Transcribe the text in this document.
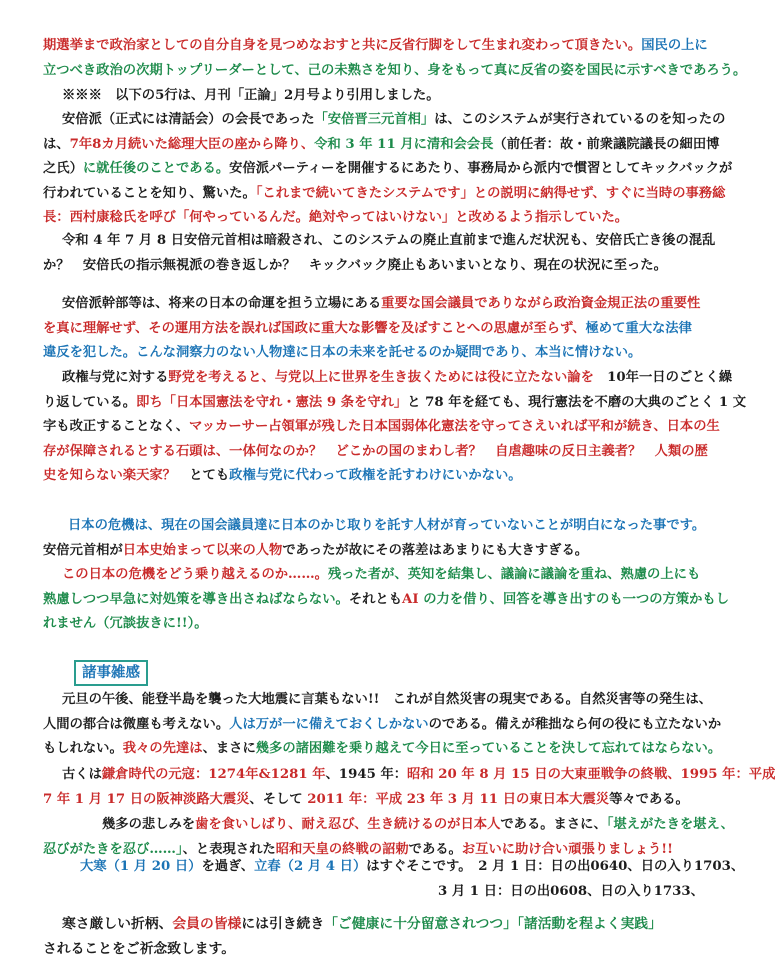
期選挙まで政治家としての自分自身を見つめなおすと共に反省行脚をして生まれ変わって頂きたい。国民の上に
立つべき政治の次期トップリーダーとして、己の未熟さを知り、身をもって真に反省の姿を国民に示すべきであろう。

※※※　以下の5行は、月刊「正論」2月号より引用しました。

安倍派（正式には清話会）の会長であった「安倍晋三元首相」は、このシステムが実行されているのを知ったの
は、7年8カ月続いた総理大臣の座から降り、令和 3 年 11 月に清和会会長（前任者：故・前衆議院議長の細田博
之氏）に就任後のことである。安倍派パーティーを開催するにあたり、事務局から派内で慣習としてキックバックが
行われていることを知り、驚いた。「これまで続いてきたシステムです」との説明に納得せず、すぐに当時の事務総
長：西村康稔氏を呼び「何やっているんだ。絶対やってはいけない」と改めるよう指示していた。

令和 4 年 7 月 8 日安倍元首相は暗殺され、このシステムの廃止直前まで進んだ状況も、安倍氏亡き後の混乱
か？　安倍氏の指示無視派の巻き返しか？　キックバック廃止もあいまいとなり、現在の状況に至った。

安倍派幹部等は、将来の日本の命運を担う立場にある重要な国会議員でありながら政治資金規正法の重要性
を真に理解せず、その運用方法を誤れば国政に重大な影響を及ぼすことへの思慮が至らず、極めて重大な法律
違反を犯した。こんな洞察力のない人物達に日本の未来を託せるのか疑問であり、本当に情けない。

政権与党に対する野党を考えると、与党以上に世界を生き抜くためには役に立たない論を　10年一日のごとく繰
り返している。即ち「日本国憲法を守れ・憲法 9 条を守れ」と 78 年を経ても、現行憲法を不磨の大典のごとく 1 文
字も改正することなく、マッカーサー占領軍が残した日本国弱体化憲法を守ってさえいれば平和が続き、日本の生
存が保障されるとする石頭は、一体何なのか？　どこかの国のまわし者？　自虐趣味の反日主義者？　人類の歴
史を知らない楽天家？　とても政権与党に代わって政権を託すわけにいかない。

日本の危機は、現在の国会議員達に日本のかじ取りを託す人材が育っていないことが明白になった事です。
安倍元首相が日本史始まって以来の人物であったが故にその落差はあまりにも大きすぎる。
この日本の危機をどう乗り越えるのか……。残った者が、英知を結集し、議論に議論を重ね、熟慮の上にも
熟慮しつつ早急に対処策を導き出さねばならない。それともAI の力を借り、回答を導き出すのも一つの方策かもし
れません（冗談抜きに!!）。

諸事雑感

元旦の午後、能登半島を襲った大地震に言葉もない!!　これが自然災害の現実である。自然災害等の発生は、
人間の都合は微塵も考えない。人は万が一に備えておくしかないのである。備えが稚拙なら何の役にも立たないか
もしれない。我々の先達は、まさに幾多の諸困難を乗り越えて今日に至っていることを決して忘れてはならない。

古くは鎌倉時代の元寇：1274年&1281 年、1945 年：昭和 20 年 8 月 15 日の大東亜戦争の終戦、1995 年：平成
7 年 1 月 17 日の阪神淡路大震災、そして 2011 年：平成 23 年 3 月 11 日の東日本大震災等々である。

幾多の悲しみを歯を食いしばり、耐え忍び、生き続けるのが日本人である。まさに、「堪えがたきを堪え、
忍びがたきを忍び……」、と表現された昭和天皇の終戦の詔勅である。お互いに助け合い頑張りましょう!!

大寒（1 月 20 日）を過ぎ、立春（2 月 4 日）はすぐそこです。　2 月 1 日：日の出0640、日の入り1703、
3 月 1 日：日の出0608、日の入り1733、

寒さ厳しい折柄、会員の皆様には引き続き「ご健康に十分留意されつつ」「諸活動を程よく実践」
されることをご祈念致します。
